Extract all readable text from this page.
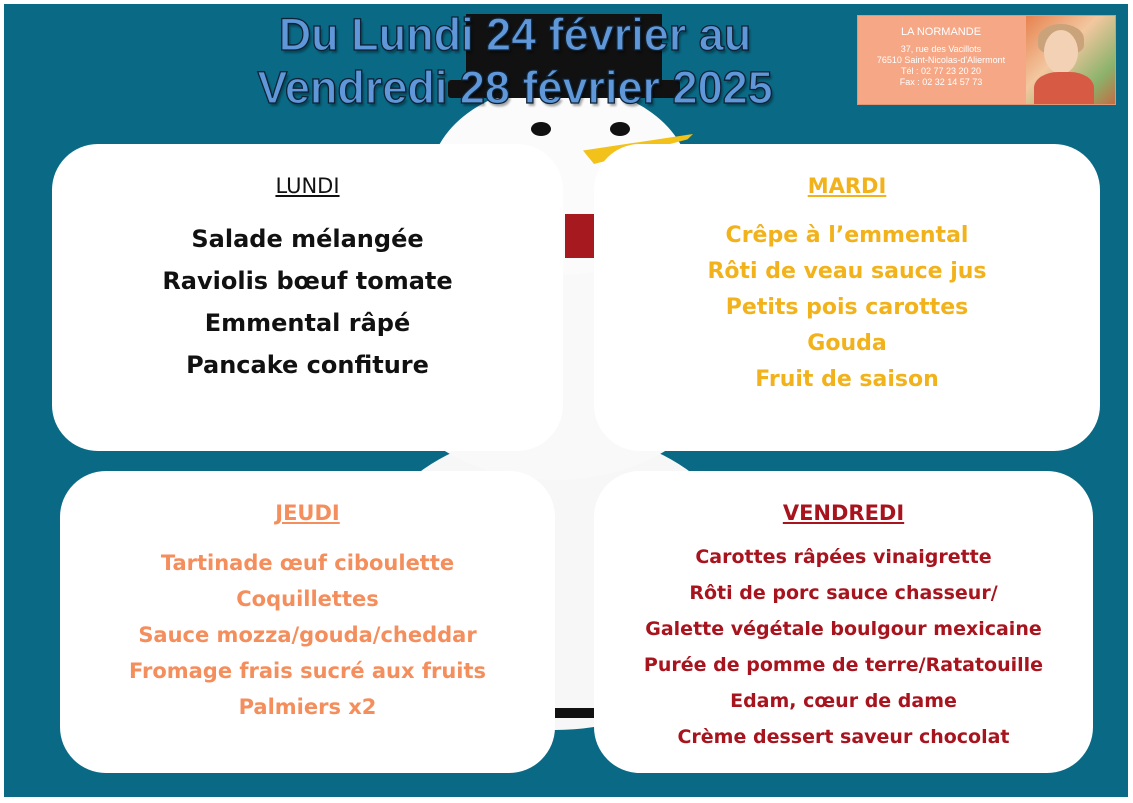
Du Lundi 24 février au
Vendredi 28 février 2025
LA NORMANDE
37, rue des Vacillots
76510 Saint-Nicolas-d'Aliermont
Tél : 02 77 23 20 20
Fax : 02 32 14 57 73
LUNDI
Salade mélangée
Raviolis bœuf tomate
Emmental râpé
Pancake confiture
MARDI
Crêpe à l’emmental
Rôti de veau sauce jus
Petits pois carottes
Gouda
Fruit de saison
JEUDI
Tartinade œuf ciboulette
Coquillettes
Sauce mozza/gouda/cheddar
Fromage frais sucré aux fruits
Palmiers x2
VENDREDI
Carottes râpées vinaigrette
Rôti de porc sauce chasseur/
Galette végétale boulgour mexicaine
Purée de pomme de terre/Ratatouille
Edam, cœur de dame
Crème dessert saveur chocolat
